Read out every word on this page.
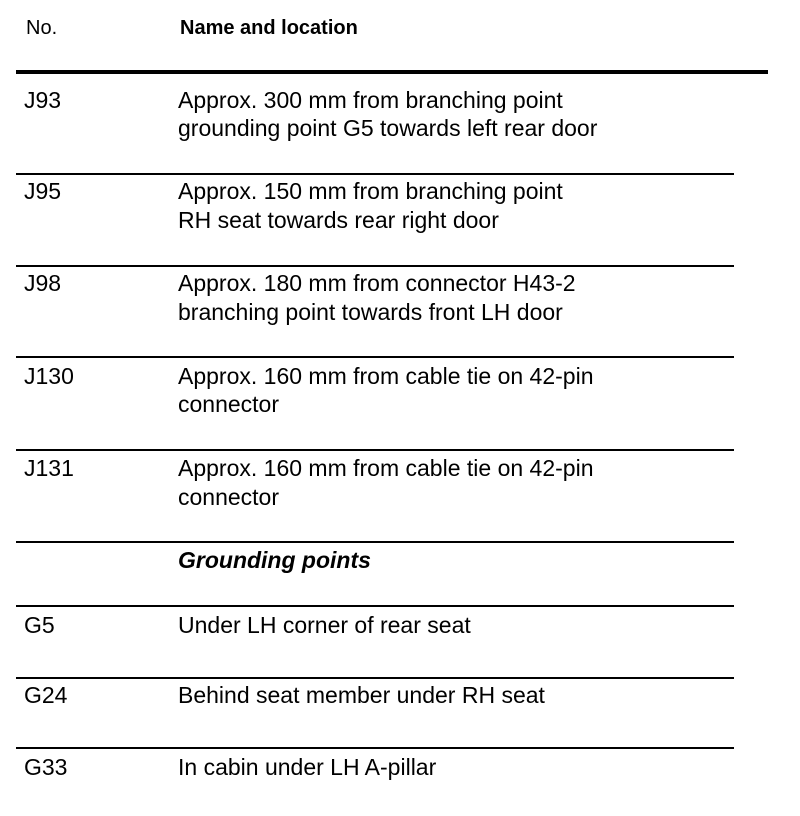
No.	Name and location
J93	Approx. 300 mm from branching point
grounding point G5 towards left rear door
J95	Approx. 150 mm from branching point
RH seat towards rear right door
J98	Approx. 180 mm from connector H43-2
branching point towards front LH door
J130	Approx. 160 mm from cable tie on 42-pin
connector
J131	Approx. 160 mm from cable tie on 42-pin
connector
Grounding points
G5	Under LH corner of rear seat
G24	Behind seat member under RH seat
G33	In cabin under LH A-pillar
